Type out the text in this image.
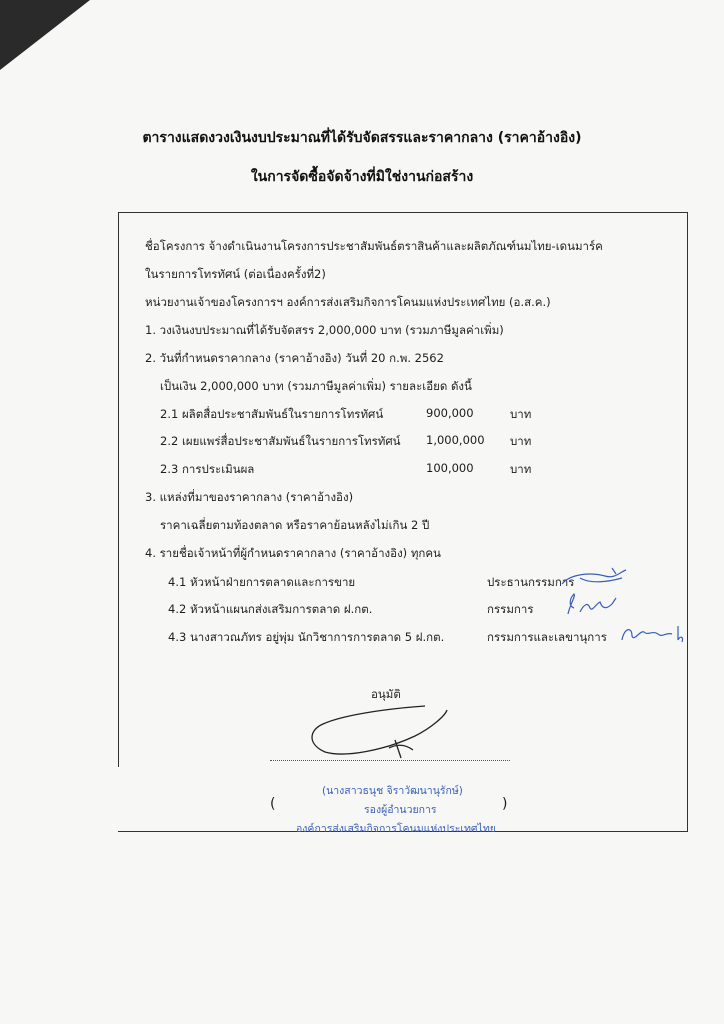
ตารางแสดงวงเงินงบประมาณที่ได้รับจัดสรรและราคากลาง (ราคาอ้างอิง)
ในการจัดซื้อจัดจ้างที่มิใช่งานก่อสร้าง
ชื่อโครงการ จ้างดำเนินงานโครงการประชาสัมพันธ์ตราสินค้าและผลิตภัณฑ์นมไทย-เดนมาร์ค
ในรายการโทรทัศน์ (ต่อเนื่องครั้งที่2)
หน่วยงานเจ้าของโครงการฯ องค์การส่งเสริมกิจการโคนมแห่งประเทศไทย (อ.ส.ค.)
1. วงเงินงบประมาณที่ได้รับจัดสรร 2,000,000 บาท (รวมภาษีมูลค่าเพิ่ม)
2. วันที่กำหนดราคากลาง (ราคาอ้างอิง) วันที่ 20 ก.พ. 2562
เป็นเงิน 2,000,000 บาท (รวมภาษีมูลค่าเพิ่ม) รายละเอียด ดังนี้
2.1 ผลิตสื่อประชาสัมพันธ์ในรายการโทรทัศน์	900,000	บาท
2.2 เผยแพร่สื่อประชาสัมพันธ์ในรายการโทรทัศน์ 1,000,000 บาท
2.3 การประเมินผล	100,000	บาท
3. แหล่งที่มาของราคากลาง (ราคาอ้างอิง)
ราคาเฉลี่ยตามท้องตลาด หรือราคาย้อนหลังไม่เกิน 2 ปี
4. รายชื่อเจ้าหน้าที่ผู้กำหนดราคากลาง (ราคาอ้างอิง) ทุกคน
4.1 หัวหน้าฝ่ายการตลาดและการขาย	ประธานกรรมการ
4.2 หัวหน้าแผนกส่งเสริมการตลาด ฝ.กต.	กรรมการ
4.3 นางสาวณภัทร อยู่พุ่ม นักวิชาการการตลาด 5 ฝ.กต.	กรรมการและเลขานุการ
อนุมัติ
(นางสาวธนุช จิราวัฒนานุรักษ์)
รองผู้อำนวยการ
องค์การส่งเสริมกิจการโคนมแห่งประเทศไทย
(	)
